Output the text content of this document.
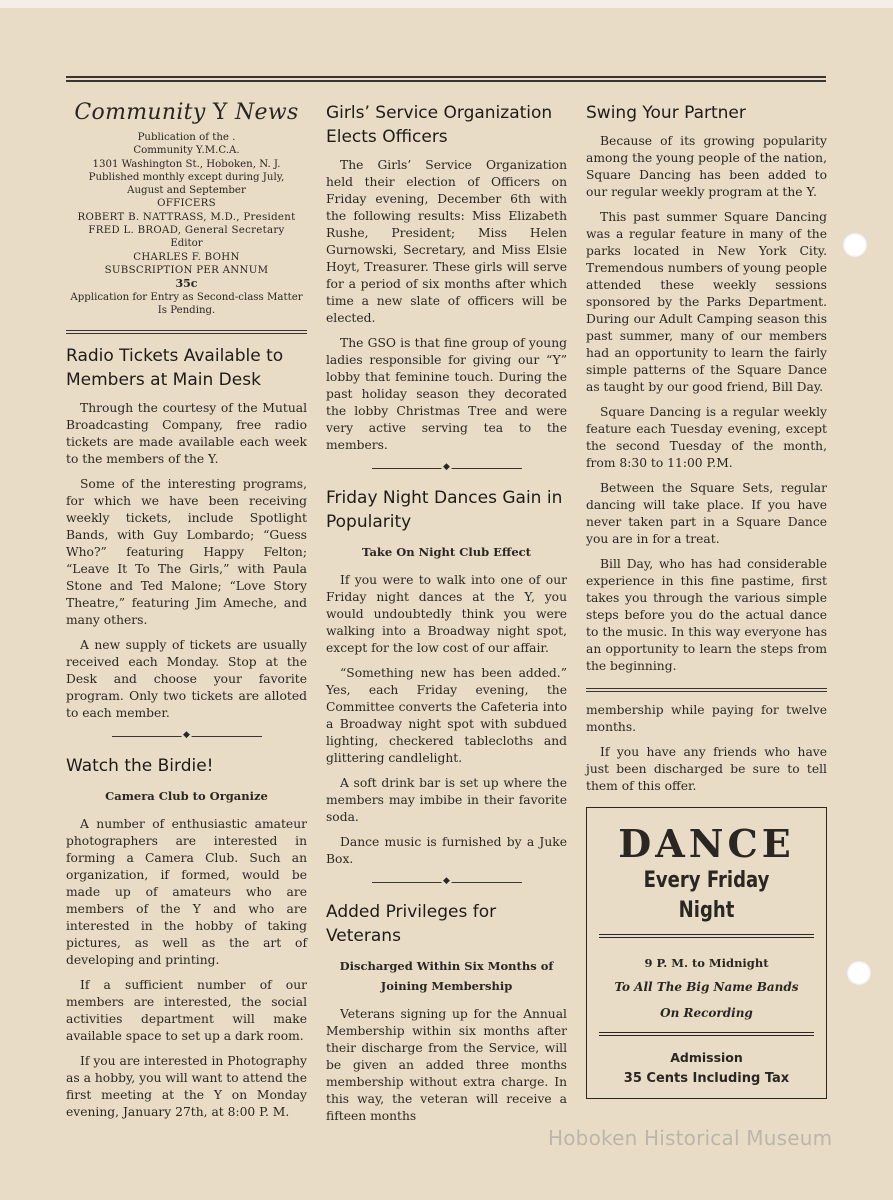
Community Y News

Publication of the .

Community Y.M.C.A.

1301 Washington St., Hoboken, N. J.

Published monthly except during July,

August and September

OFFICERS

ROBERT B. NATTRASS, M.D., President

FRED L. BROAD, General Secretary

Editor

CHARLES F. BOHN

SUBSCRIPTION PER ANNUM

35c

Application for Entry as Second-class Matter Is Pending.

Radio Tickets Available to Members at Main Desk

Through the courtesy of the Mutual Broadcasting Company, free radio tickets are made available each week to the members of the Y.

Some of the interesting programs, for which we have been receiving weekly tickets, include Spotlight Bands, with Guy Lombardo; “Guess Who?” featuring Happy Felton; “Leave It To The Girls,” with Paula Stone and Ted Malone; “Love Story Theatre,” featuring Jim Ameche, and many others.

A new supply of tickets are usually received each Monday. Stop at the Desk and choose your favorite program. Only two tickets are alloted to each member.

◆
Watch the Birdie!
Camera Club to Organize

A number of enthusiastic amateur photographers are interested in forming a Camera Club. Such an organization, if formed, would be made up of amateurs who are members of the Y and who are interested in the hobby of taking pictures, as well as the art of developing and printing.

If a sufficient number of our members are interested, the social activities department will make available space to set up a dark room.

If you are interested in Photography as a hobby, you will want to attend the first meeting at the Y on Monday evening, January 27th, at 8:00 P. M.

Girls’ Service Organization Elects Officers

The Girls’ Service Organization held their election of Officers on Friday evening, December 6th with the following results: Miss Elizabeth Rushe, President; Miss Helen Gurnowski, Secretary, and Miss Elsie Hoyt, Treasurer. These girls will serve for a period of six months after which time a new slate of officers will be elected.

The GSO is that fine group of young ladies responsible for giving our “Y” lobby that feminine touch. During the past holiday season they decorated the lobby Christmas Tree and were very active serving tea to the members.

◆
Friday Night Dances Gain in Popularity
Take On Night Club Effect

If you were to walk into one of our Friday night dances at the Y, you would undoubtedly think you were walking into a Broadway night spot, except for the low cost of our affair.

“Something new has been added.” Yes, each Friday evening, the Committee converts the Cafeteria into a Broadway night spot with subdued lighting, checkered tablecloths and glittering candlelight.

A soft drink bar is set up where the members may imbibe in their favorite soda.

Dance music is furnished by a Juke Box.

◆
Added Privileges for Veterans
Discharged Within Six Months of Joining Membership

Veterans signing up for the Annual Membership within six months after their discharge from the Service, will be given an added three months membership without extra charge. In this way, the veteran will receive a fifteen months

Swing Your Partner

Because of its growing popularity among the young people of the nation, Square Dancing has been added to our regular weekly program at the Y.

This past summer Square Dancing was a regular feature in many of the parks located in New York City. Tremendous numbers of young people attended these weekly sessions sponsored by the Parks Department. During our Adult Camping season this past summer, many of our members had an opportunity to learn the fairly simple patterns of the Square Dance as taught by our good friend, Bill Day.

Square Dancing is a regular weekly feature each Tuesday evening, except the second Tuesday of the month, from 8:30 to 11:00 P.M.

Between the Square Sets, regular dancing will take place. If you have never taken part in a Square Dance you are in for a treat.

Bill Day, who has had considerable experience in this fine pastime, first takes you through the various simple steps before you do the actual dance to the music. In this way everyone has an opportunity to learn the steps from the beginning.

membership while paying for twelve months.

If you have any friends who have just been discharged be sure to tell them of this offer.

DANCE
Every Friday Night

9 P. M. to Midnight

To All The Big Name Bands

On Recording

Admission

35 Cents Including Tax

Hoboken Historical Museum
